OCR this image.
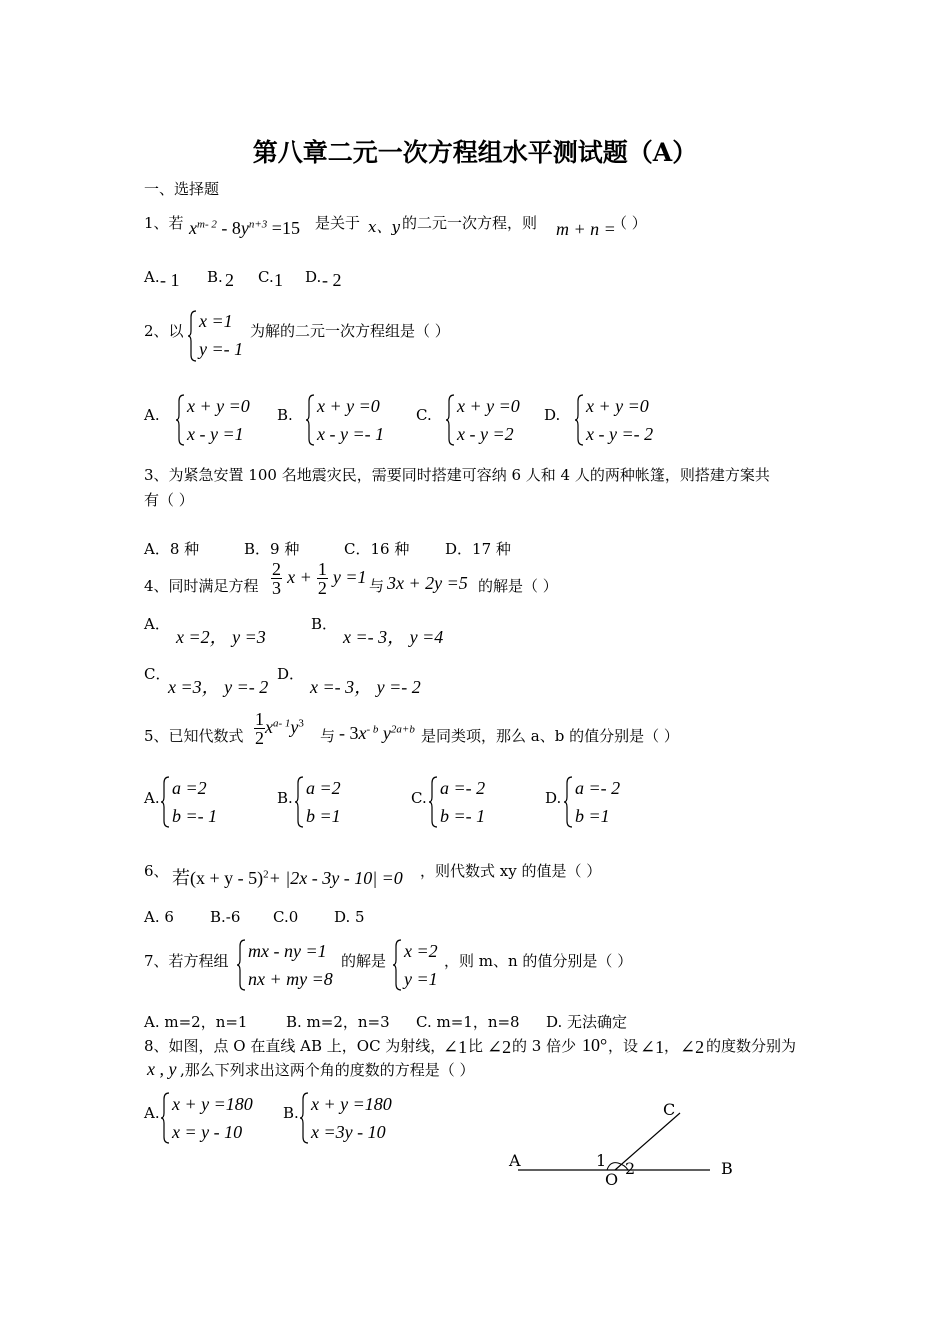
第八章二元一次方程组水平测试题（A）
一、选择题
1、若 $x^{m- 2} - 8y^{n+3} =15$ 是关于 x、y 的二元一次方程，则 m + n =
（ ）
A. - 1 B. 2 C. 1 D. - 2
2、以 x =1
y =- 1
为解的二元一次方程组是（ ）
A. x + y =0
x - y =1
B. x + y =0
x - y =- 1
C. x + y =0
x - y =2
D. x + y =0
x - y =- 2
3、为紧急安置 100 名地震灾民，需要同时搭建可容纳 6 人和 4 人的两种帐篷，则搭建方案共
有（ ）
A．8 种	B．9 种	C．16 种 D．17 种
4、同时满足方程 $\frac{2}{3}$ $x + \frac{1}{2}$ y =1 与 3x + 2y =5 的解是（ ）
A．
x =2， y =3
B．
x =- 3， y =4
C．
x =3， y =- 2
D．
x =- 3， y =- 2
5、已知代数式 $\frac{1}{2} x^{a- 1}y^3$
与 - $3x^{- b}$ $y^{2a+b}$ 是同类项，那么 a、b 的值分别是（ ）
A. a =2
b =- 1
B. a =2
b =1
C. a =- 2
b =- 1
D. a =- 2
b =1
6、 若$(x + y - 5)^2+ |2x - 3y - 10| =0$ ，则代数式 xy 的值是（ ）
A. 6 B.-6 C.0 D. 5
7、若方程组 mx - ny =1
nx + my =8
的解是 x =2
y =1
，则 m、n 的值分别是（ ）
A. m=2，n=1	B. m=2，n=3 C. m=1，n=8 D. 无法确定
8、如图，点 O 在直线 AB 上，OC 为射线，
∠1 比 ∠2 的 3 倍少 10° ，设 ∠1 ， ∠2 的度数分别为
x , y ,那么下列求出这两个角的度数的方程是（ ）
A. x + y =180
x = y - 10
B. x + y =180
x =3y - 10
A	B
C
O
1 2
